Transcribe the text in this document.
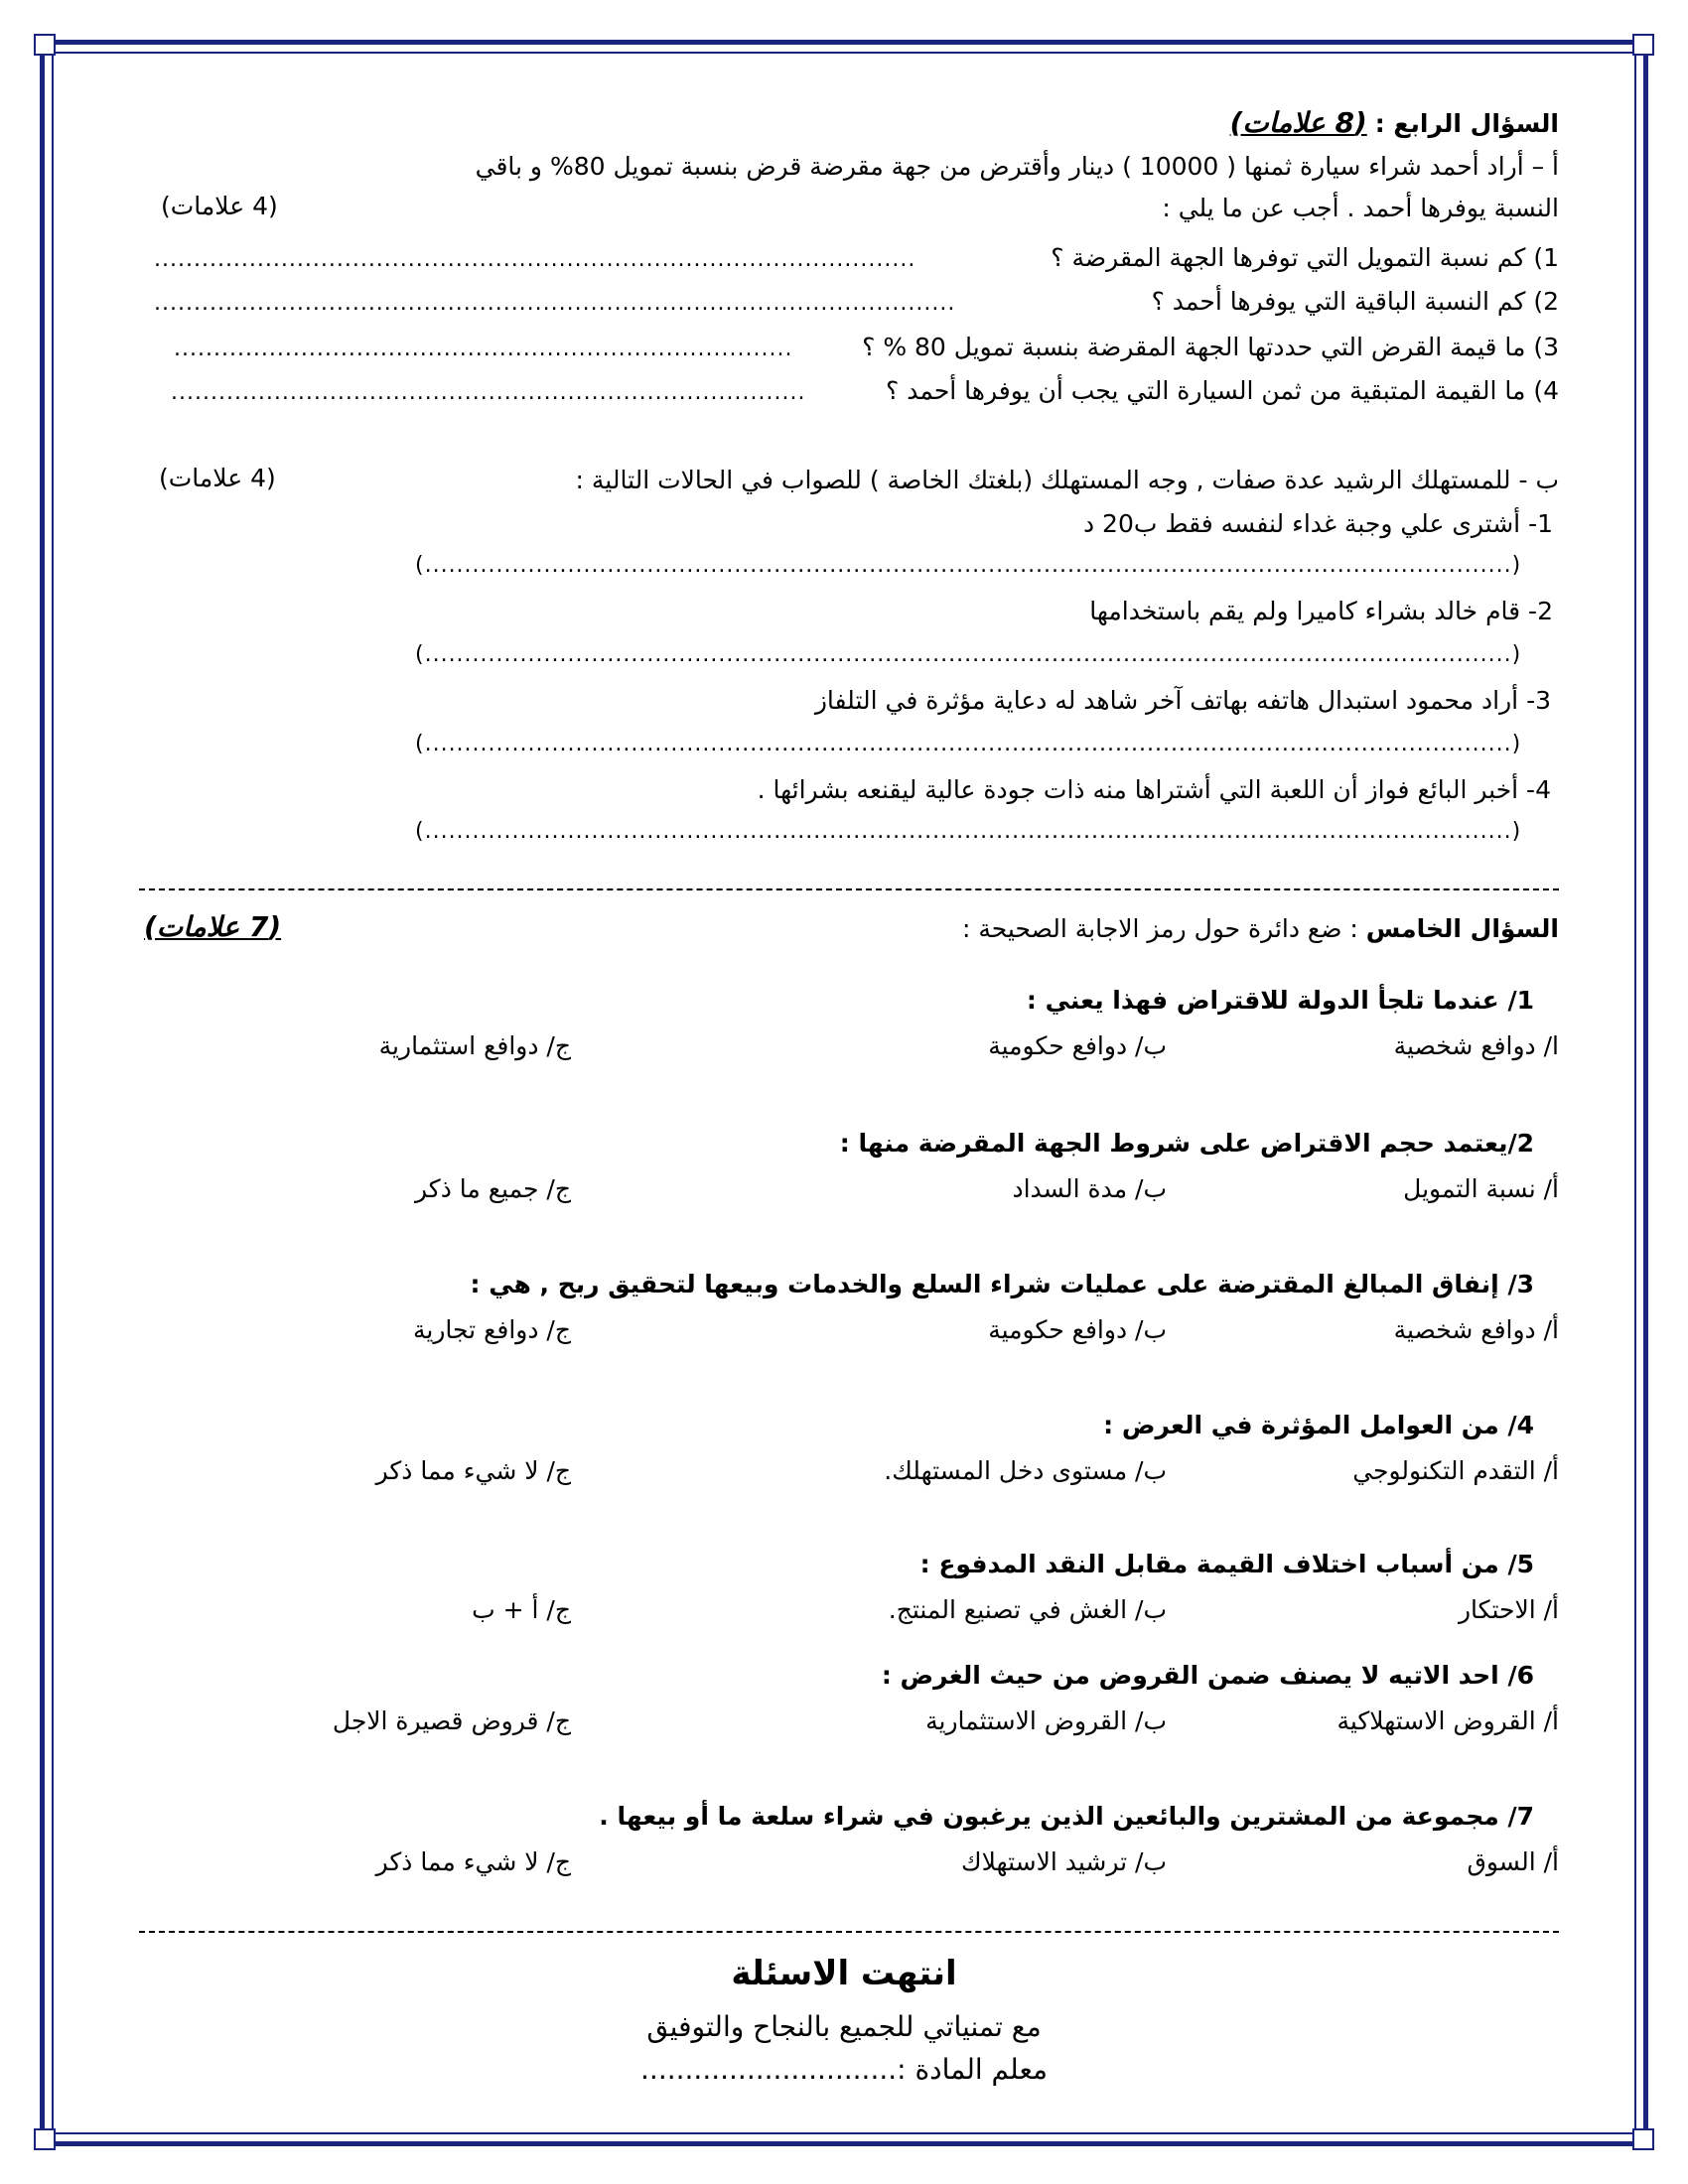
السؤال الرابع : (8 علامات)
أ – أراد أحمد شراء سيارة ثمنها ( 10000 ) دينار وأقترض من جهة مقرضة قرض بنسبة تمويل 80% و باقي
النسبة يوفرها أحمد . أجب عن ما يلي :
(4 علامات)
1) كم نسبة التمويل التي توفرها الجهة المقرضة ؟
................................................................................................
2) كم النسبة الباقية التي يوفرها أحمد ؟
.....................................................................................................
3) ما قيمة القرض التي حددتها الجهة المقرضة بنسبة تمويل 80 % ؟
..............................................................................
4) ما القيمة المتبقية من ثمن السيارة التي يجب أن يوفرها أحمد ؟
................................................................................
ب - للمستهلك الرشيد عدة صفات , وجه المستهلك (بلغتك الخاصة ) للصواب في الحالات التالية :
(4 علامات)
1- أشترى علي وجبة غداء لنفسه فقط ب20 د
(.........................................................................................................................................)
2- قام خالد بشراء كاميرا ولم يقم باستخدامها
(.........................................................................................................................................)
3- أراد محمود استبدال هاتفه بهاتف آخر شاهد له دعاية مؤثرة في التلفاز
(.........................................................................................................................................)
4- أخبر البائع فواز أن اللعبة التي أشتراها منه ذات جودة عالية ليقنعه بشرائها .
(.........................................................................................................................................)
السؤال الخامس : ضع دائرة حول رمز الاجابة الصحيحة :
(7 علامات)
1/ عندما تلجأ الدولة للاقتراض فهذا يعني :
ا/ دوافع شخصية
ب/ دوافع حكومية
ج/ دوافع استثمارية
2/يعتمد حجم الاقتراض على شروط الجهة المقرضة منها :
أ/ نسبة التمويل
ب/ مدة السداد
ج/ جميع ما ذكر
3/ إنفاق المبالغ المقترضة على عمليات شراء السلع والخدمات وبيعها لتحقيق ربح , هي :
أ/ دوافع شخصية
ب/ دوافع حكومية
ج/ دوافع تجارية
4/ من العوامل المؤثرة في العرض :
أ/ التقدم التكنولوجي
ب/ مستوى دخل المستهلك.
ج/ لا شيء مما ذكر
5/ من أسباب اختلاف القيمة مقابل النقد المدفوع :
أ/ الاحتكار
ب/ الغش في تصنيع المنتج.
ج/ أ + ب
6/ احد الاتيه لا يصنف ضمن القروض من حيث الغرض :
أ/ القروض الاستهلاكية
ب/ القروض الاستثمارية
ج/ قروض قصيرة الاجل
7/ مجموعة من المشترين والبائعين الذين يرغبون في شراء سلعة ما أو بيعها .
أ/ السوق
ب/ ترشيد الاستهلاك
ج/ لا شيء مما ذكر
انتهت الاسئلة
مع تمنياتي للجميع بالنجاح والتوفيق
معلم المادة :.............................
